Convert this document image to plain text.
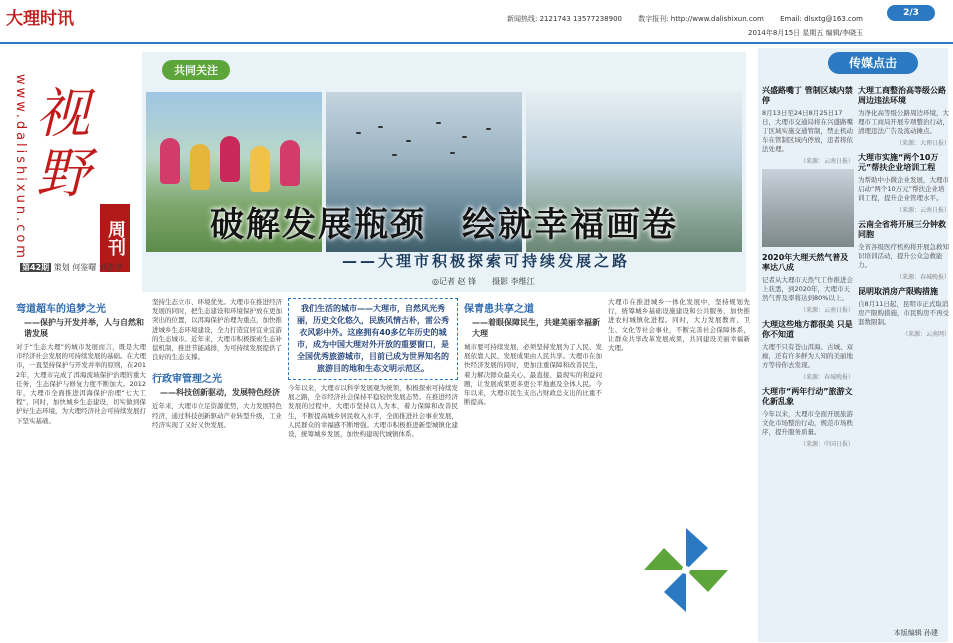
大理时讯	新闻热线: 2121743 13577238900 数字报刊: http://www.dalishixun.com Email: dlsxtg@163.com
2014年8月15日 星期五 编辑/李晓玉
2/3
www.dalishixun.com 视野
周刊
第42期 策划 何鉴曙 刘浩学
共同关注
破解发展瓶颈　绘就幸福画卷
——大理市积极探索可持续发展之路
◎记者 赵 锋　　摄影 李维江
弯道超车的追梦之光
——保护与开发并举，人与自然和谐发展

对于“生态大理”的城市发展而言，既是大理市经济社会发展的可持续发展的基础。在大理市，一直坚持保护与开发并举的原则，在2012年，大理市完成了洱海流域保护治理的重大任务，生态保护与修复力度不断加大。2012年，大理市全面推进洱海保护治理“七大工程”，同时，加快城乡生态建设，切实做到保护好生态环境，为大理经济社会可持续发展打下坚实基础。

坚持生态立市、环境优先。大理市在推进经济发展的同时，把生态建设和环境保护放在更加突出的位置，以洱海保护治理为重点，加快推进城乡生态环境建设，全力打造宜居宜业宜游的生态城市。近年来，大理市积极探索生态补偿机制，推进节能减排，为可持续发展提供了良好的生态支撑。

行政审管理之光
——科技创新驱动，发展特色经济

近年来，大理市立足资源优势，大力发展特色经济，通过科技创新驱动产业转型升级，工业经济实现了又好又快发展。

我们生活的城市——大理市，自然风光秀丽，历史文化悠久，民族风情古朴，雷公秀衣风彩中外。这座拥有40多亿年历史的城市，成为中国大理对外开放的重要窗口，是全国优秀旅游城市，目前已成为世界知名的旅游目的地和生态文明示范区。

今年以来，大理市以科学发展观为统领，积极探索可持续发展之路，全市经济社会保持平稳较快发展态势。在推进经济发展的过程中，大理市坚持以人为本，着力保障和改善民生，不断提高城乡居民收入水平，全面推进社会事业发展，人民群众的幸福感不断增强。大理市积极推进新型城镇化建设，统筹城乡发展，加快构建现代城镇体系。

保青患共享之道
——着眼保障民生，共建美丽幸福新大理

城市要可持续发展，必须坚持发展为了人民、发展依靠人民、发展成果由人民共享。大理市在加快经济发展的同时，更加注重保障和改善民生，着力解决群众最关心、最直接、最现实的利益问题，让发展成果更多更公平地惠及全体人民。今年以来，大理市民生支出占财政总支出的比重不断提高。

大理市在推进城乡一体化发展中，坚持规划先行，统筹城乡基础设施建设和公共服务，加快推进农村城镇化进程。同时，大力发展教育、卫生、文化等社会事业，不断完善社会保障体系，让群众共享改革发展成果，共同建设美丽幸福新大理。

传媒点击
兴盛路嘴丁 管制区域内禁停
8月13日至24日8月25日17日，大理市交通局将在兴盛路嘴丁区域实施交通管制，禁止机动车在管制区域内停放，违者将依法处理。
（来源：云南日报）
2020年大理天然气普及率达八成
记者从大理市天然气工作推进会上获悉，到2020年，大理市天然气普及率将达到80%以上。
（来源：云南日报）
大理这些地方都很美 只是你不知道
大理不只有苍山洱海、古城、双廊，还有许多鲜为人知的美丽地方等待你去发现。
（来源：春城晚报）
大理市“两年行动”旅游文化新乱象
今年以来，大理市全面开展旅游文化市场整治行动，规范市场秩序，提升服务质量。
（来源：中国日报）
大理工商整治高等级公路周边违法环境
为净化高等级公路周边环境，大理市工商局开展专项整治行动，清理违法广告及流动摊点。
（来源：大理日报）
大理市实施“两个10万元”帮扶企业培训工程
为帮助中小微企业发展，大理市启动“两个10万元”帮扶企业培训工程，提升企业管理水平。
（来源：云南日报）
云南全省将开展三分钟救同胞
全省各级医疗机构将开展急救知识培训活动，提升公众急救能力。
（来源：春城晚报）
昆明取消房产限购措施
自8月11日起，昆明市正式取消房产限购措施，市民购房不再受套数限制。
（来源：云南网）
本版编辑 孙建
